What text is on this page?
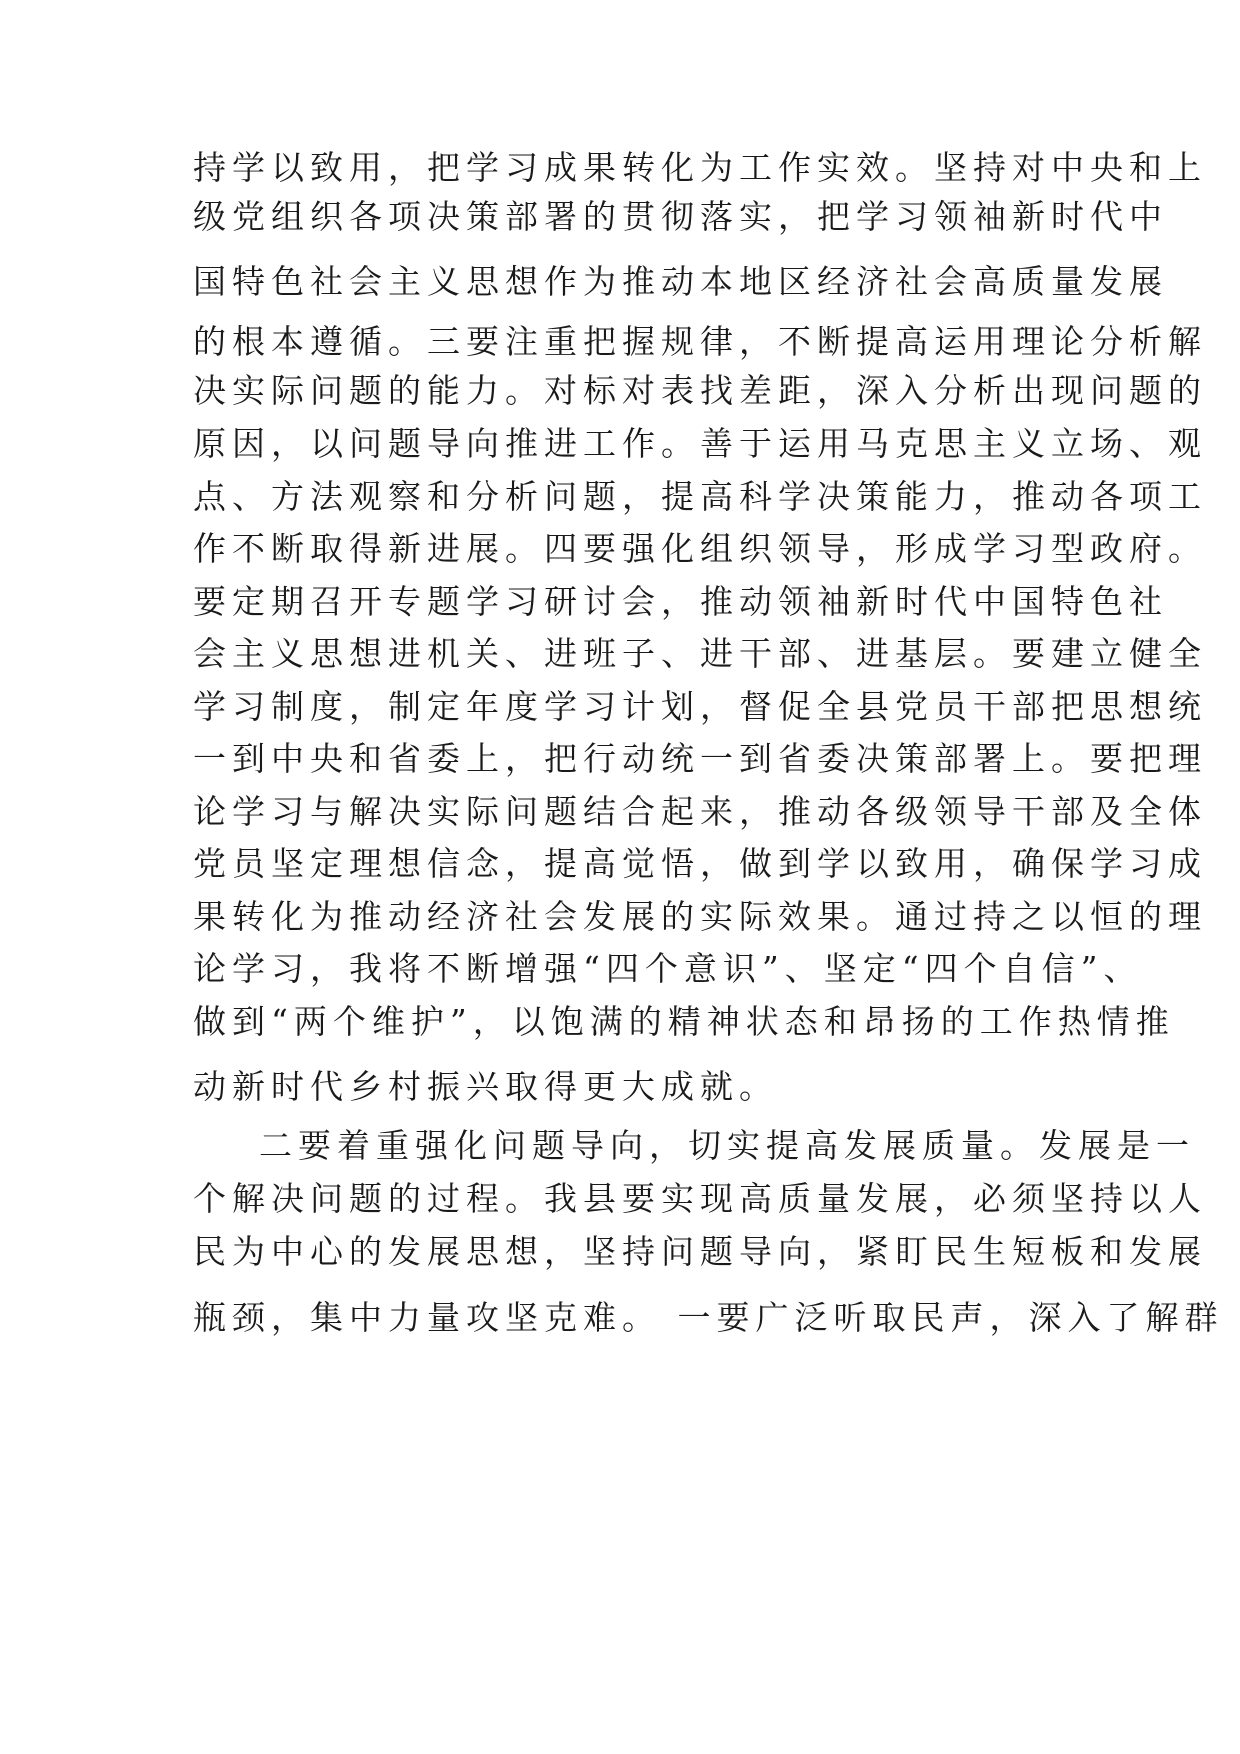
持学以致用，把学习成果转化为工作实效。坚持对中央和上

级党组织各项决策部署的贯彻落实，把学习领袖新时代中

国特色社会主义思想作为推动本地区经济社会高质量发展

的根本遵循。三要注重把握规律，不断提高运用理论分析解

决实际问题的能力。对标对表找差距，深入分析出现问题的

原因，以问题导向推进工作。善于运用马克思主义立场、观

点、方法观察和分析问题，提高科学决策能力，推动各项工

作不断取得新进展。四要强化组织领导，形成学习型政府。

要定期召开专题学习研讨会，推动领袖新时代中国特色社

会主义思想进机关、进班子、进干部、进基层。要建立健全

学习制度，制定年度学习计划，督促全县党员干部把思想统

一到中央和省委上，把行动统一到省委决策部署上。要把理

论学习与解决实际问题结合起来，推动各级领导干部及全体

党员坚定理想信念，提高觉悟，做到学以致用，确保学习成

果转化为推动经济社会发展的实际效果。通过持之以恒的理

论学习，我将不断增强“四个意识”、坚定“四个自信”、

做到“两个维护”，以饱满的精神状态和昂扬的工作热情推

动新时代乡村振兴取得更大成就。

二要着重强化问题导向，切实提高发展质量。发展是一

个解决问题的过程。我县要实现高质量发展，必须坚持以人

民为中心的发展思想，坚持问题导向，紧盯民生短板和发展

瓶颈，集中力量攻坚克难。 一要广泛听取民声，深入了解群
